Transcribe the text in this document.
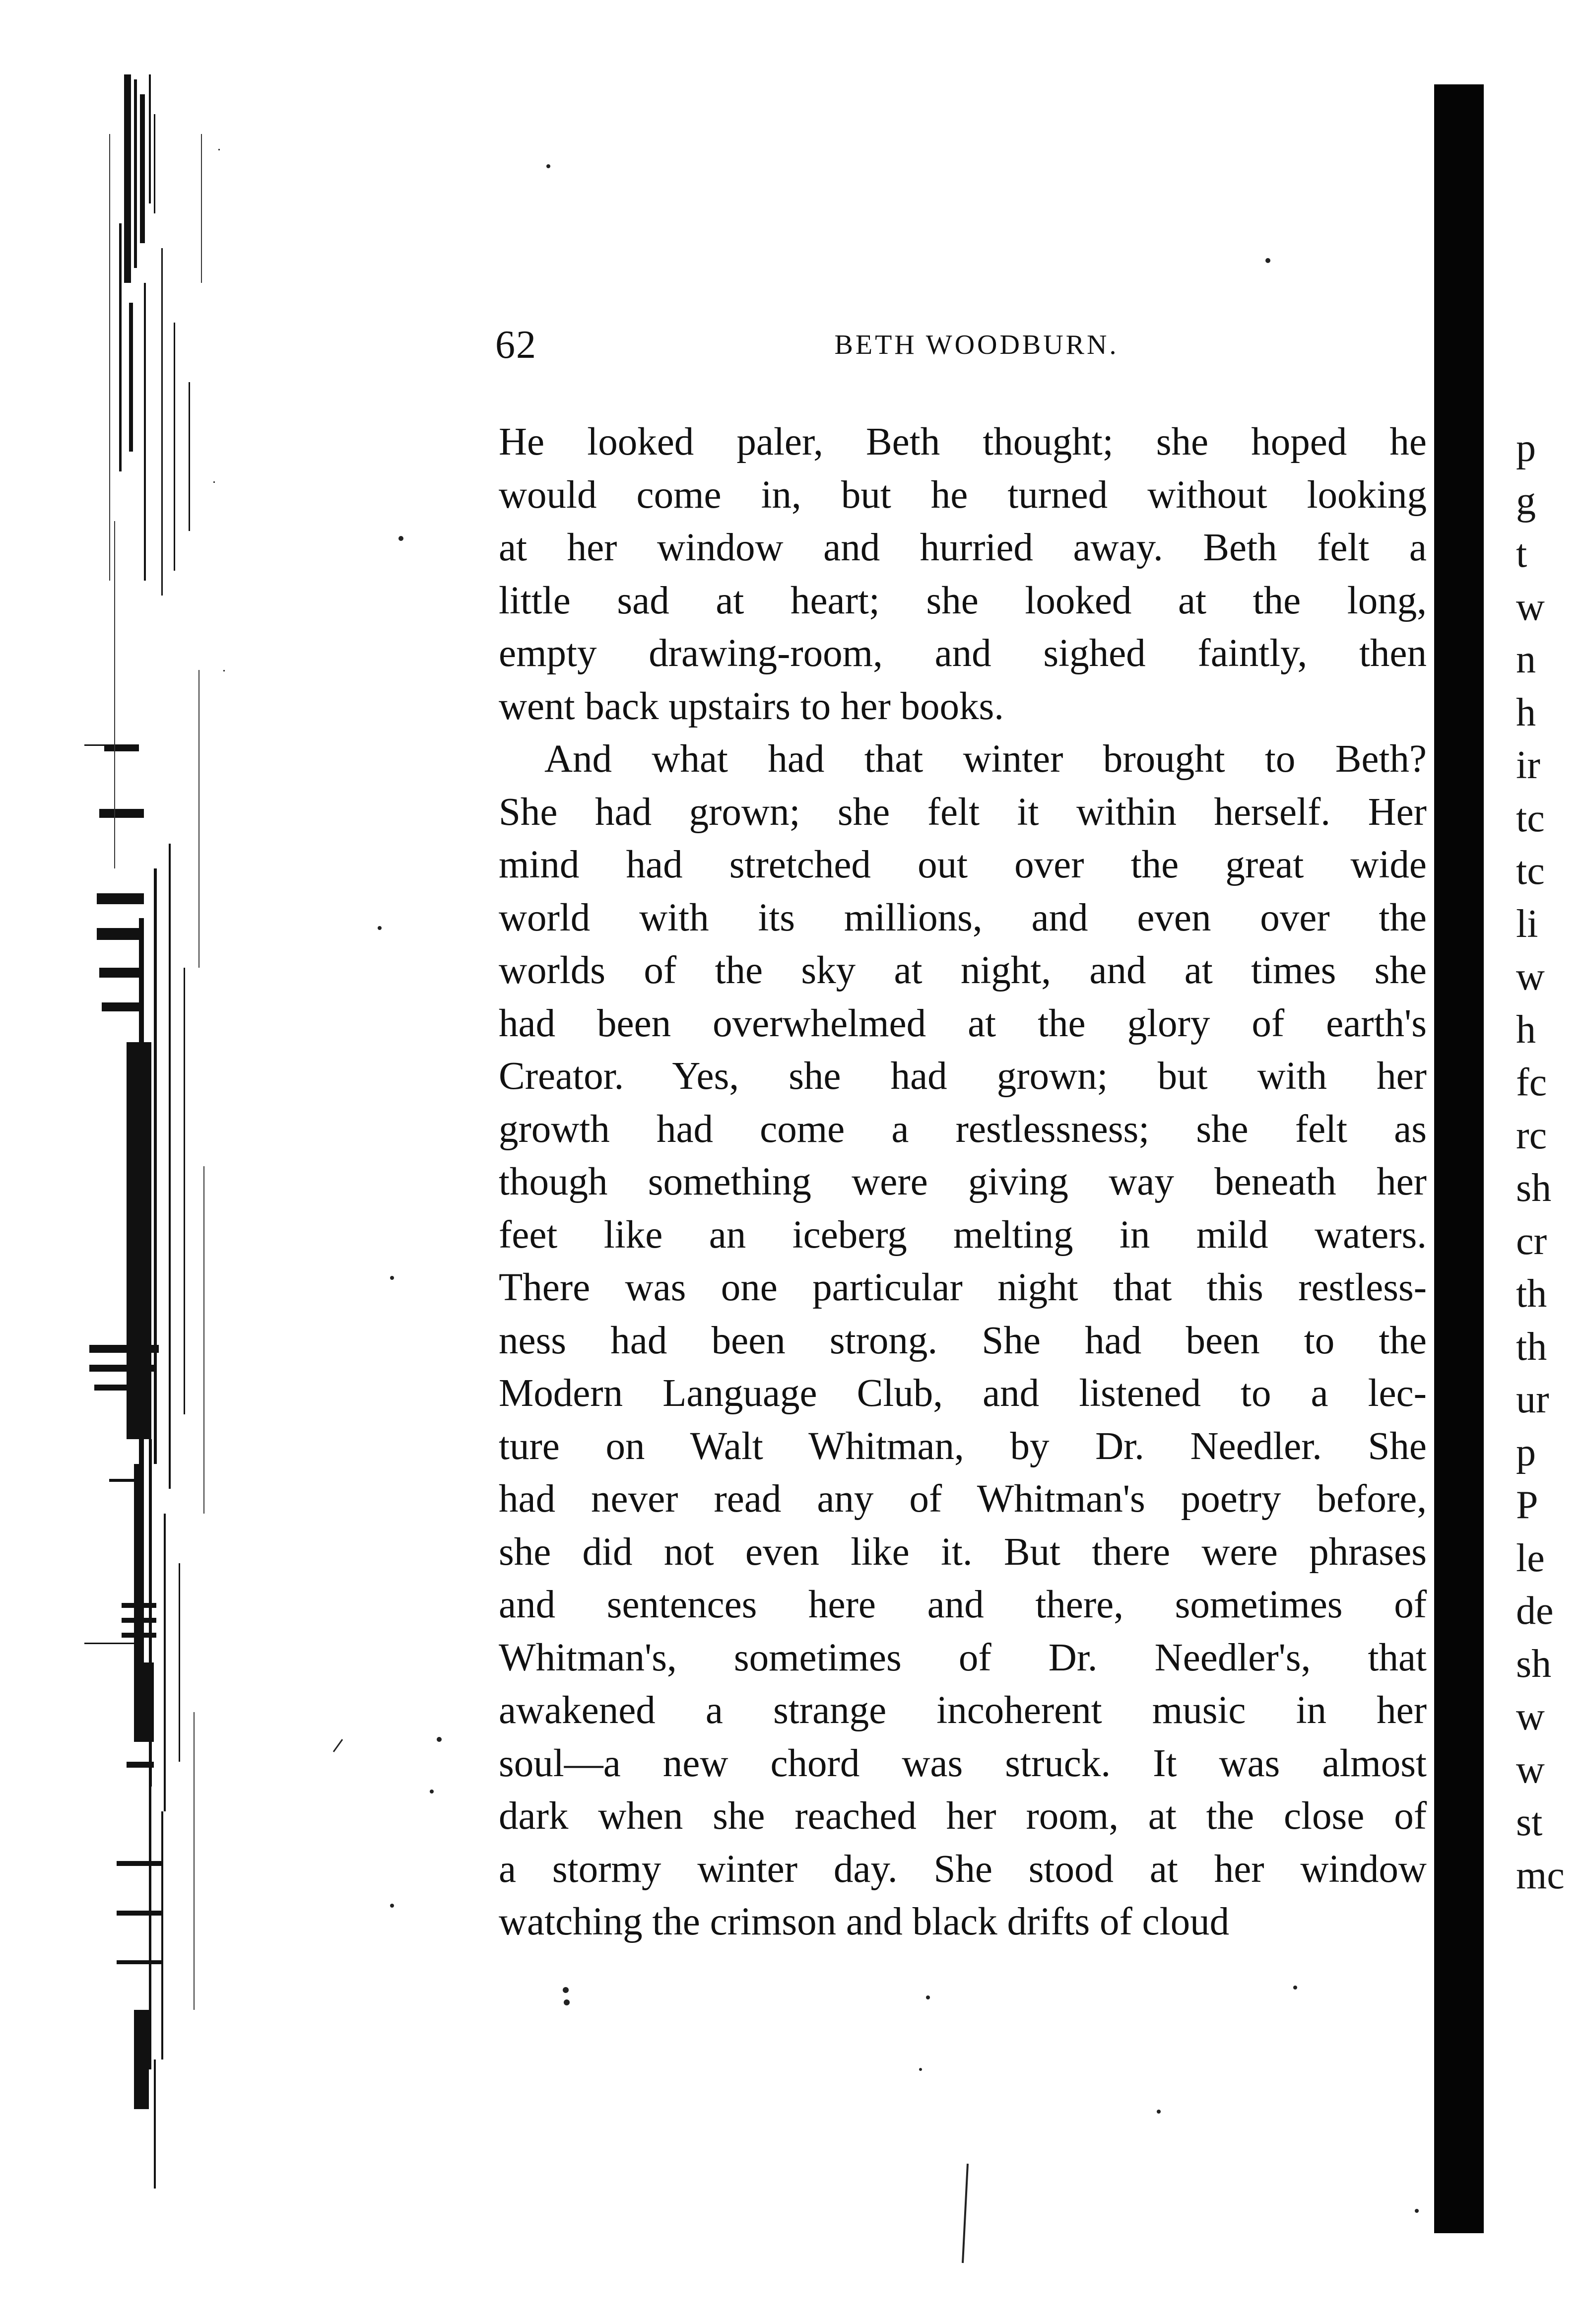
p
g
t
w
n
h
ir
tc
tc
li
w
h
fc
rc
sh
cr
th
th
ur
p
P
le
de
sh
w
w
st
mc
62	BETH WOODBURN.
He looked paler, Beth thought; she hoped he
would come in, but he turned without looking
at her window and hurried away. Beth felt a
little sad at heart; she looked at the long,
empty drawing-room, and sighed faintly, then
went back upstairs to her books.
And what had that winter brought to Beth?
She had grown; she felt it within herself. Her
mind had stretched out over the great wide
world with its millions, and even over the
worlds of the sky at night, and at times she
had been overwhelmed at the glory of earth's
Creator. Yes, she had grown; but with her
growth had come a restlessness; she felt as
though something were giving way beneath her
feet like an iceberg melting in mild waters.
There was one particular night that this restless-
ness had been strong. She had been to the
Modern Language Club, and listened to a lec-
ture on Walt Whitman, by Dr. Needler. She
had never read any of Whitman's poetry before,
she did not even like it. But there were phrases
and sentences here and there, sometimes of
Whitman's, sometimes of Dr. Needler's, that
awakened a strange incoherent music in her
soul—a new chord was struck. It was almost
dark when she reached her room, at the close of
a stormy winter day. She stood at her window
watching the crimson and black drifts of cloud
